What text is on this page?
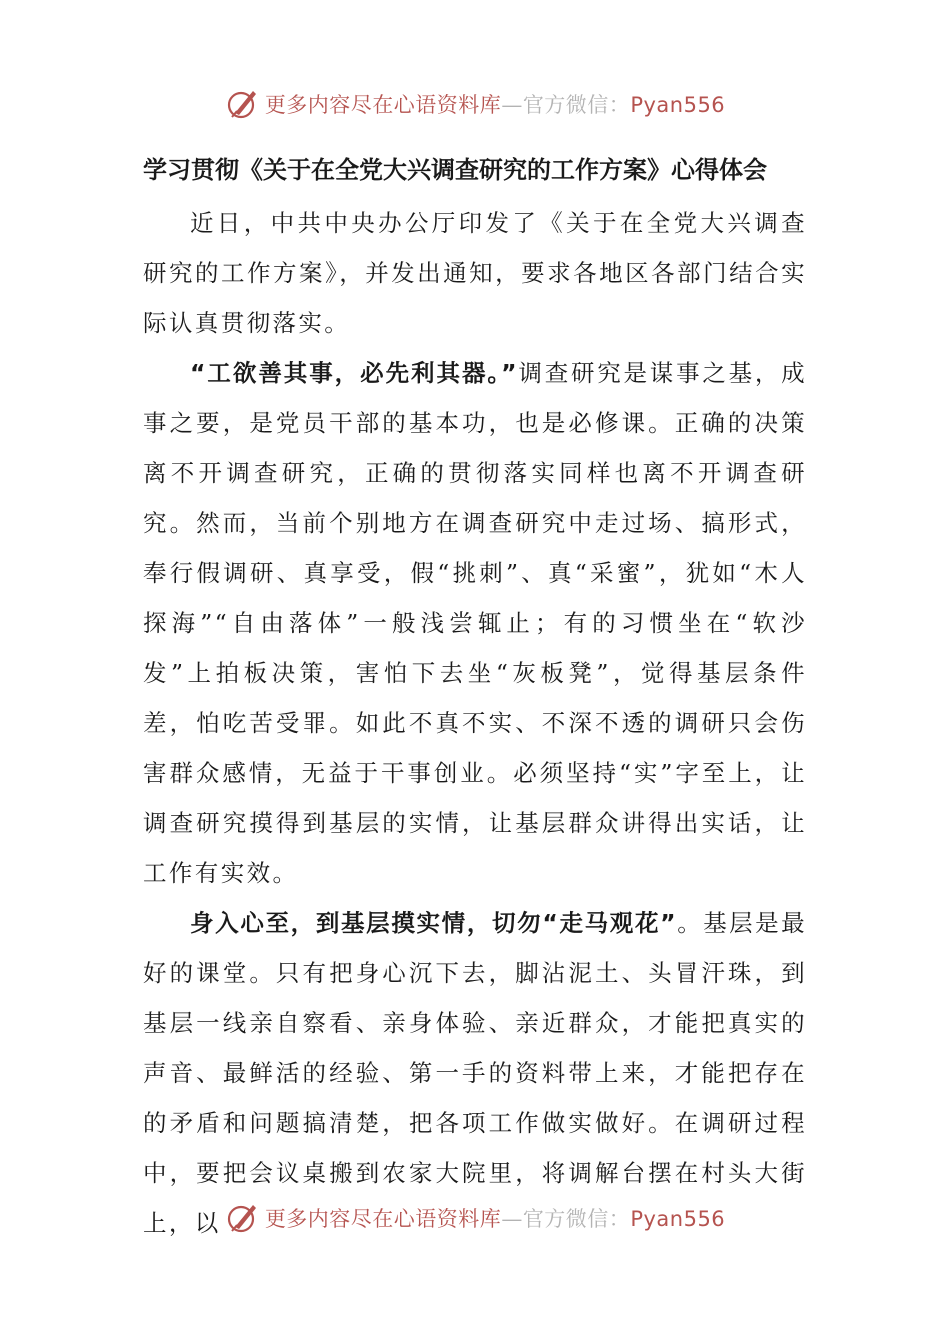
更多内容尽在心语资料库—官方微信：Pyan556
学习贯彻《关于在全党大兴调查研究的工作方案》心得体会

近日，中共中央办公厅印发了《关于在全党大兴调查研究的工作方案》，并发出通知，要求各地区各部门结合实际认真贯彻落实。

“工欲善其事，必先利其器。”调查研究是谋事之基，成事之要，是党员干部的基本功，也是必修课。正确的决策离不开调查研究，正确的贯彻落实同样也离不开调查研究。然而，当前个别地方在调查研究中走过场、搞形式，奉行假调研、真享受，假“挑刺”、真“采蜜”，犹如“木人探海”“自由落体”一般浅尝辄止；有的习惯坐在“软沙发”上拍板决策，害怕下去坐“灰板凳”，觉得基层条件差，怕吃苦受罪。如此不真不实、不深不透的调研只会伤害群众感情，无益于干事创业。必须坚持“实”字至上，让调查研究摸得到基层的实情，让基层群众讲得出实话，让工作有实效。

身入心至，到基层摸实情，切勿“走马观花”。基层是最好的课堂。只有把身心沉下去，脚沾泥土、头冒汗珠，到基层一线亲自察看、亲身体验、亲近群众，才能把真实的声音、最鲜活的经验、第一手的资料带上来，才能把存在的矛盾和问题搞清楚，把各项工作做实做好。在调研过程中，要把会议桌搬到农家大院里，将调解台摆在村头大街上，以	更多内容尽在心语资料库—官方微信：Pyan556
